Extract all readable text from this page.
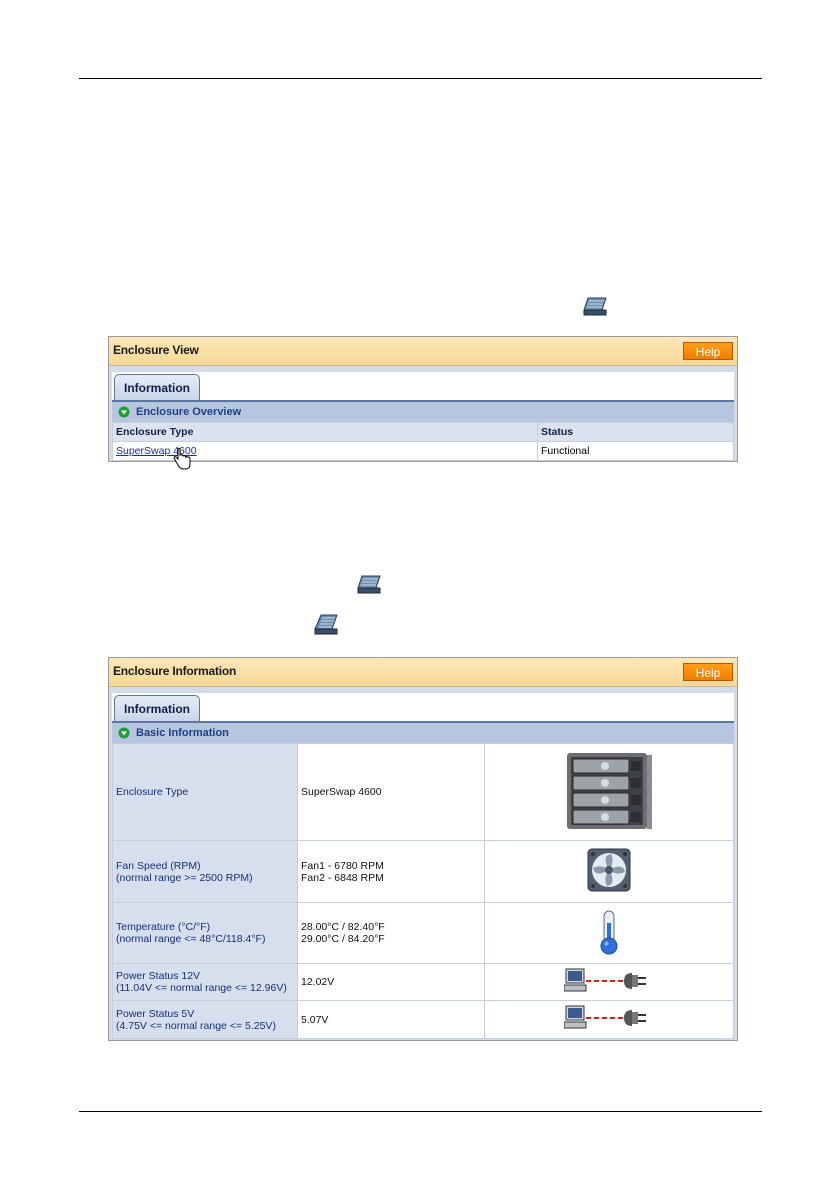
Enclosure View	Help
Information
Enclosure Overview
Enclosure Type	Status
SuperSwap 4600	Functional
Enclosure Information	Help
Information
Basic Information
Enclosure Type	SuperSwap 4600	

Fan Speed (RPM)
(normal range >= 2500 RPM)	Fan1 - 6780 RPM
Fan2 - 6848 RPM

Temperature (°C/°F)
(normal range <= 48°C/118.4°F)	28.00°C / 82.40°F
29.00°C / 84.20°F

Power Status 12V
(11.04V <= normal range <= 12.96V)	12.02V	

Power Status 5V
(4.75V <= normal range <= 5.25V)	5.07V	
